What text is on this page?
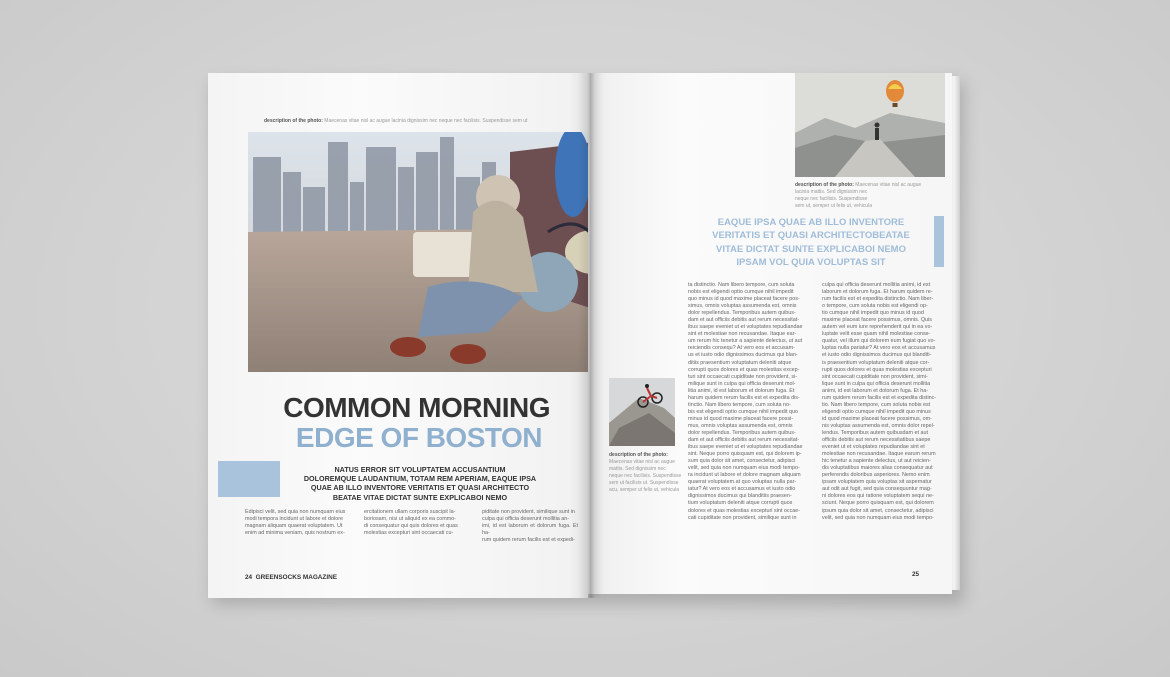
description of the photo: Maecenas vitae nisl ac augue lacinia dignissim nec neque nec facilisis. Suspendisse sem ut
COMMON MORNING
EDGE OF BOSTON
NATUS ERROR SIT VOLUPTATEM ACCUSANTIUM
DOLOREMQUE LAUDANTIUM, TOTAM REM APERIAM, EAQUE IPSA
QUAE AB ILLO INVENTORE VERITATIS ET QUASI ARCHITECTO
BEATAE VITAE DICTAT SUNTE EXPLICABOI NEMO
Edipisci velit, sed quia non numquam eius
modi tempora incidunt ut labore et dolore
magnam aliquam quaerat voluptatem. Ut
enim ad minima veniam, quis nostrum ex-
ercitationem ullam corporis suscipit la-
boriosam, nisi ut aliquid ex ea commo-
di consequatur qui quis dolores et quas
molestias excepturi sint occaecati cu-
piditate non provident, similique sunt in
culpa qui officia deserunt mollitia an-
imi, id est laborum et dolorum fuga. Et ha-
rum quidem rerum facilis est et expedi-
24 GREENSOCKS MAGAZINE
description of the photo: Maecenas vitae nisl ac augue
lacinia mattis. Sed dignissim nec
neque nec facilisis. Suspendisse
sem ut, semper ut felis ut, vehicula
EAQUE IPSA QUAE AB ILLO INVENTORE
VERITATIS ET QUASI ARCHITECTOBEATAE
VITAE DICTAT SUNTE EXPLICABOI NEMO
IPSAM VOL QUIA VOLUPTAS SIT
description of the photo:
Maecenas vitae nisl ac augue
mattis. Sed dignissim nec
neque nec facilisis. Suspendisse
sem ut facilisis ut. Suspendisse
acu, semper ut felis ut, vehicula
ta distinctio. Nam libero tempore, cum soluta
nobis est eligendi optio cumque nihil impedit
quo minus id quod maxime placeat facere pos-
simus, omnis voluptas assumenda est, omnis
dolor repellendus. Temporibus autem quibus-
dam et aut officiis debitis aut rerum necessitat-
ibus saepe eveniet ut et voluptates repudiandae
sint et molestiae non recusandae. Itaque ear-
um rerum hic tenetur a sapiente delectus, ut aut
reiciendis consequ? At vero eos et accusam-
us et iusto odio dignissimos ducimus qui blan-
ditiis praesentium voluptatum deleniti atque
corrupti quos dolores et quas molestias excep-
turi sint occaecati cupiditate non provident, si-
milique sunt in culpa qui officia deserunt mol-
litia animi, id est laborum et dolorum fuga. Et
harum quidem rerum facilis est et expedita dis-
tinctio. Nam libero tempore, cum soluta no-
bis est eligendi optio cumque nihil impedit quo
minus id quod maxime placeat facere possi-
mus, omnis voluptas assumenda est, omnis
dolor repellendus. Temporibus autem quibus-
dam et aut officiis debitis aut rerum necessitat-
ibus saepe eveniet ut et voluptates repudiandae
sint. Neque porro quisquam est, qui dolorem ip-
sum quia dolor sit amet, consectetur, adipisci
velit, sed quia non numquam eius modi tempo-
ra incidunt ut labore et dolore magnam aliquam
quaerat voluptatem.at quo voluptas nulla par-
iatur? At vero eos et accusamus et iusto odio
dignissimos ducimus qui blanditiis praesen-
tium voluptatum deleniti atque corrupti quos
dolores et quas molestias excepturi sint occae-
cati cupiditate non provident, similique sunt in
culpa qui officia deserunt mollitia animi, id est
laborum et dolorum fuga. Et harum quidem re-
rum facilis est et expedita distinctio. Nam liber-
o tempore, cum soluta nobis est eligendi op-
tio cumque nihil impedit quo minus id quod
maxime placeat facere possimus, omnis. Quis
autem vel eum iure reprehenderit qui in ea vo-
luptate velit esse quam nihil molestiae conse-
quatur, vel illum qui dolorem eum fugiat quo vo-
luptas nulla pariatur? At vero eos et accusamus
et iusto odio dignissimos ducimus qui blanditi-
is praesentium voluptatum deleniti atque cor-
rupti quos dolores et quas molestias excepturi
sint occaecati cupiditate non provident, simi-
lique sunt in culpa qui officia deserunt mollitia
animi, id est laborum et dolorum fuga. Et ha-
rum quidem rerum facilis est et expedita distinc-
tio. Nam libero tempore, cum soluta nobis est
eligendi optio cumque nihil impedit quo minus
id quod maxime placeat facere possimus, om-
nis voluptas assumenda est, omnis dolor repel-
lendus. Temporibus autem quibusdam et aut
officiis debitis aut rerum necessitatibus saepe
eveniet ut et voluptates repudiandae sint et
molestiae non recusandae. Itaque earum rerum
hic tenetur a sapiente delectus, ut aut reicien-
dis voluptatibus maiores alias consequatur aut
perferendis doloribus asperiores. Nemo enim
ipsam voluptatem quia voluptas sit aspernatur
aut odit aut fugit, sed quia consequuntur mag-
ni dolores eos qui ratione voluptatem sequi ne-
sciunt. Neque porro quisquam est, qui dolorem
ipsum quia dolor sit amet, consectetur, adipisci
velit, sed quia non numquam eius modi tempo-
25
